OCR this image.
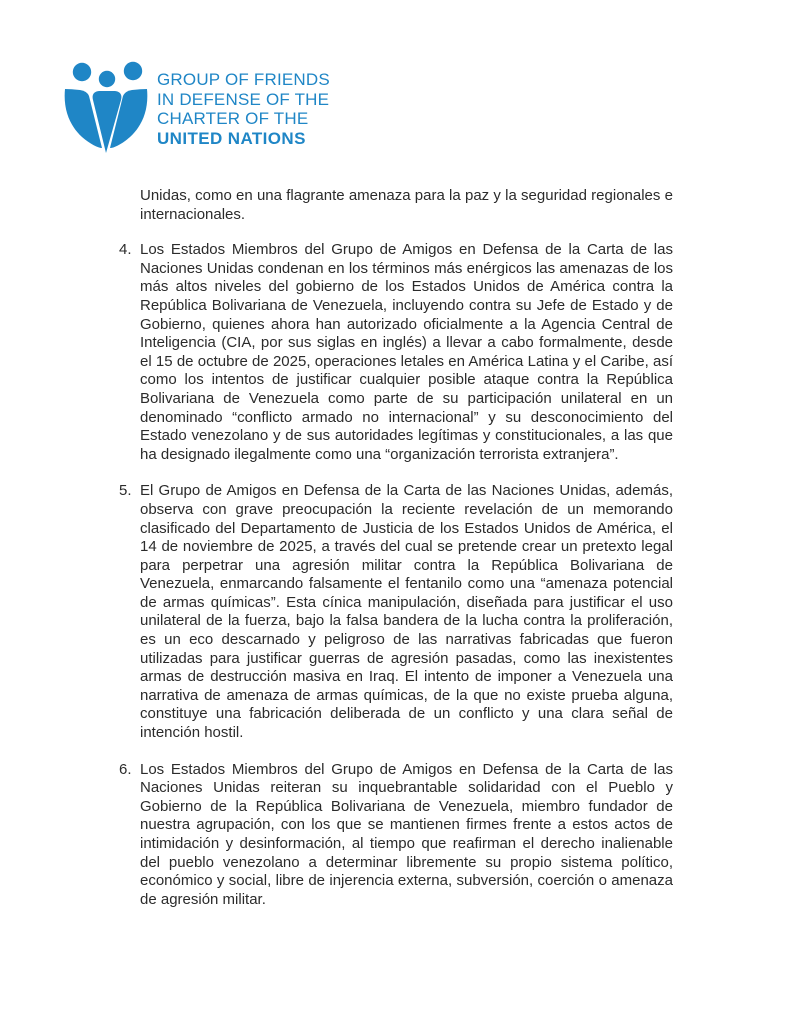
GROUP OF FRIENDS
IN DEFENSE OF THE
CHARTER OF THE
UNITED NATIONS

Unidas, como en una flagrante amenaza para la paz y la seguridad regionales e internacionales.

4. Los Estados Miembros del Grupo de Amigos en Defensa de la Carta de las Naciones Unidas condenan en los términos más enérgicos las amenazas de los más altos niveles del gobierno de los Estados Unidos de América contra la República Bolivariana de Venezuela, incluyendo contra su Jefe de Estado y de Gobierno, quienes ahora han autorizado oficialmente a la Agencia Central de Inteligencia (CIA, por sus siglas en inglés) a llevar a cabo formalmente, desde el 15 de octubre de 2025, operaciones letales en América Latina y el Caribe, así como los intentos de justificar cualquier posible ataque contra la República Bolivariana de Venezuela como parte de su participación unilateral en un denominado “conflicto armado no internacional” y su desconocimiento del Estado venezolano y de sus autoridades legítimas y constitucionales, a las que ha designado ilegalmente como una “organización terrorista extranjera”.
5. El Grupo de Amigos en Defensa de la Carta de las Naciones Unidas, además, observa con grave preocupación la reciente revelación de un memorando clasificado del Departamento de Justicia de los Estados Unidos de América, el 14 de noviembre de 2025, a través del cual se pretende crear un pretexto legal para perpetrar una agresión militar contra la República Bolivariana de Venezuela, enmarcando falsamente el fentanilo como una “amenaza potencial de armas químicas”. Esta cínica manipulación, diseñada para justificar el uso unilateral de la fuerza, bajo la falsa bandera de la lucha contra la proliferación, es un eco descarnado y peligroso de las narrativas fabricadas que fueron utilizadas para justificar guerras de agresión pasadas, como las inexistentes armas de destrucción masiva en Iraq. El intento de imponer a Venezuela una narrativa de amenaza de armas químicas, de la que no existe prueba alguna, constituye una fabricación deliberada de un conflicto y una clara señal de intención hostil.
6. Los Estados Miembros del Grupo de Amigos en Defensa de la Carta de las Naciones Unidas reiteran su inquebrantable solidaridad con el Pueblo y Gobierno de la República Bolivariana de Venezuela, miembro fundador de nuestra agrupación, con los que se mantienen firmes frente a estos actos de intimidación y desinformación, al tiempo que reafirman el derecho inalienable del pueblo venezolano a determinar libremente su propio sistema político, económico y social, libre de injerencia externa, subversión, coerción o amenaza de agresión militar.
